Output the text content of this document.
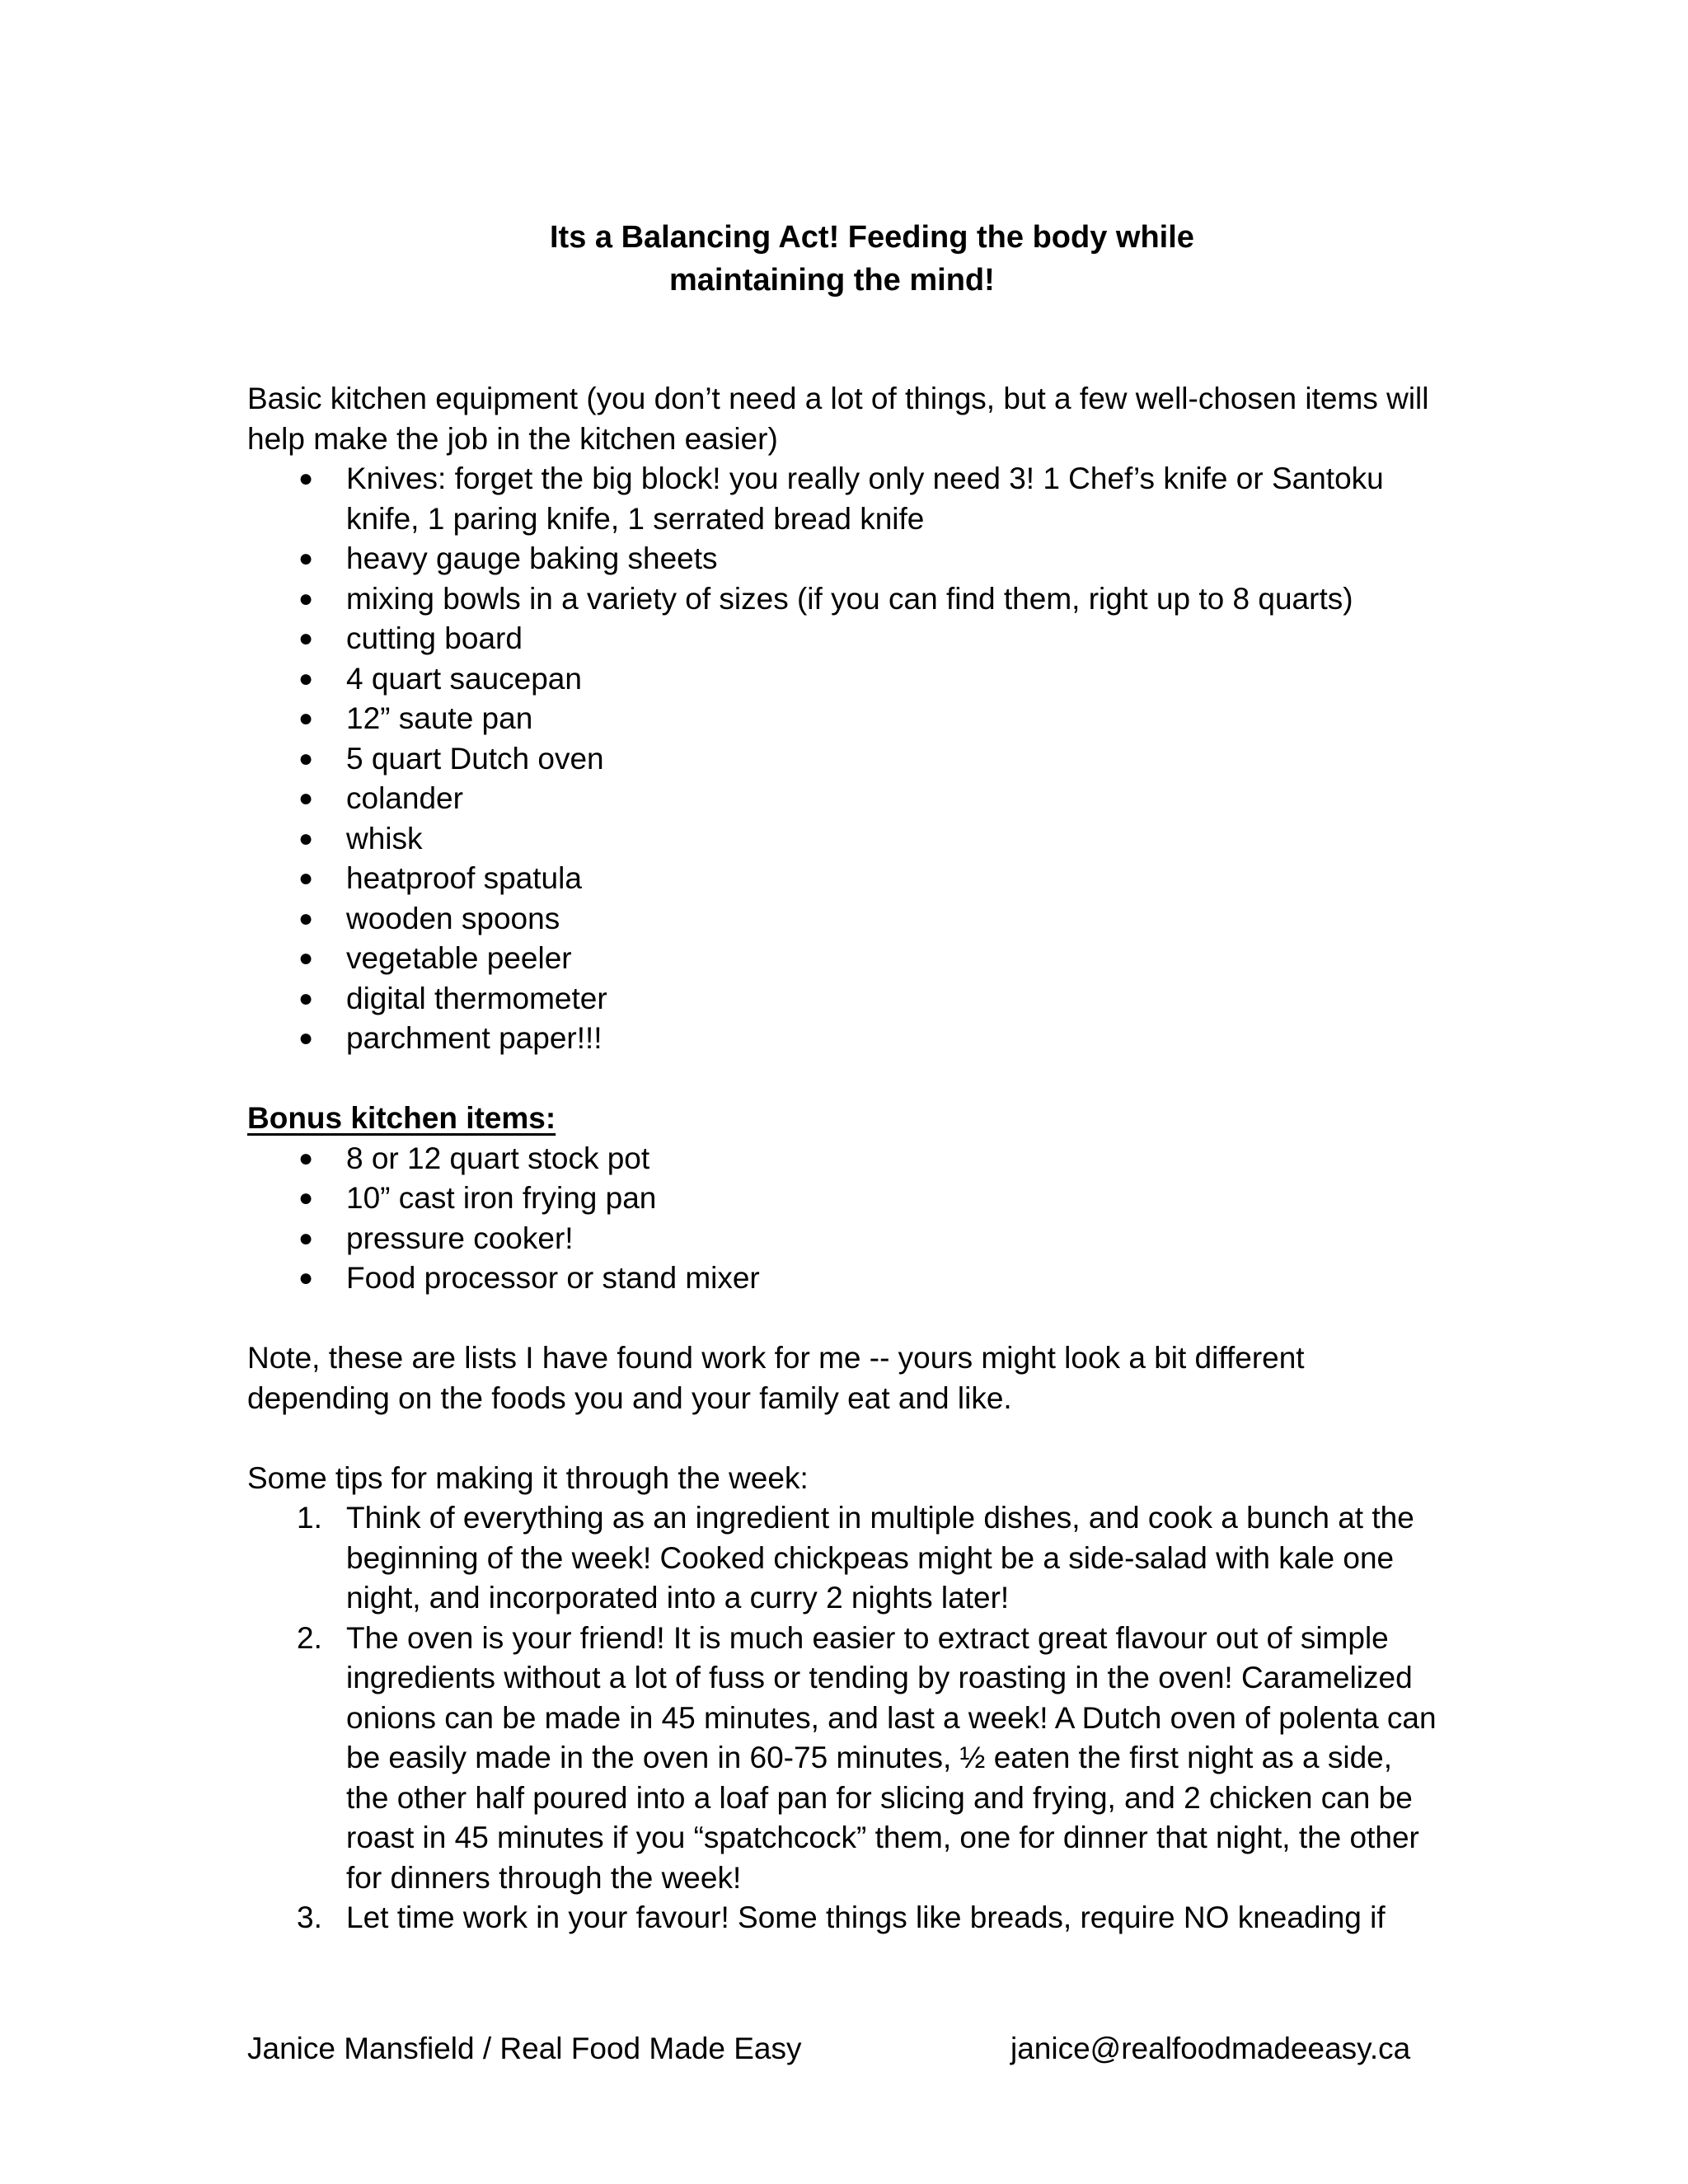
Its a Balancing Act! Feeding the body while
maintaining the mind!

Basic kitchen equipment (you don’t need a lot of things, but a few well-chosen items will help make the job in the kitchen easier)

● Knives: forget the big block! you really only need 3! 1 Chef’s knife or Santoku knife, 1 paring knife, 1 serrated bread knife
● heavy gauge baking sheets
● mixing bowls in a variety of sizes (if you can find them, right up to 8 quarts)
● cutting board
● 4 quart saucepan
● 12” saute pan
● 5 quart Dutch oven
● colander
● whisk
● heatproof spatula
● wooden spoons
● vegetable peeler
● digital thermometer
● parchment paper!!!

Bonus kitchen items:

● 8 or 12 quart stock pot
● 10” cast iron frying pan
● pressure cooker!
● Food processor or stand mixer

Note, these are lists I have found work for me -- yours might look a bit different depending on the foods you and your family eat and like.

Some tips for making it through the week:

1. Think of everything as an ingredient in multiple dishes, and cook a bunch at the beginning of the week! Cooked chickpeas might be a side-salad with kale one night, and incorporated into a curry 2 nights later!
2. The oven is your friend! It is much easier to extract great flavour out of simple ingredients without a lot of fuss or tending by roasting in the oven! Caramelized onions can be made in 45 minutes, and last a week! A Dutch oven of polenta can be easily made in the oven in 60-75 minutes, ½ eaten the first night as a side, the other half poured into a loaf pan for slicing and frying, and 2 chicken can be roast in 45 minutes if you “spatchcock” them, one for dinner that night, the other for dinners through the week!
3. Let time work in your favour! Some things like breads, require NO kneading if
Janice Mansfield / Real Food Made Easy	janice@realfoodmadeeasy.ca
